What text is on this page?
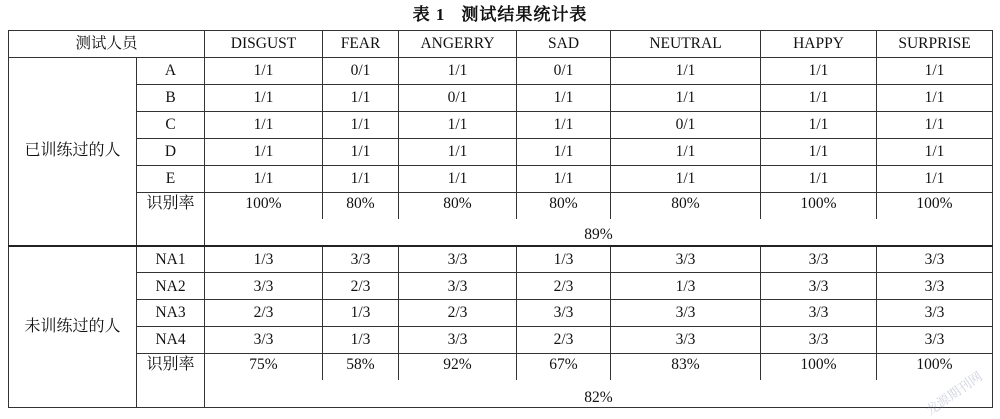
表 1 测试结果统计表
测试人员		DISGUST	FEAR	ANGERRY	SAD	NEUTRAL	HAPPY	SURPRISE
已训练过的人	A	1/1	0/1	1/1	0/1	1/1	1/1	1/1
	B	1/1	1/1	0/1	1/1	1/1	1/1	1/1
	C	1/1	1/1	1/1	1/1	0/1	1/1	1/1
	D	1/1	1/1	1/1	1/1	1/1	1/1	1/1
	E	1/1	1/1	1/1	1/1	1/1	1/1	1/1
	识别率	100%	80%	80%	80%	80%	100%	100%
		89%						
未训练过的人	NA1	1/3	3/3	3/3	1/3	3/3	3/3	3/3
	NA2	3/3	2/3	3/3	2/3	1/3	3/3	3/3
	NA3	2/3	1/3	2/3	3/3	3/3	3/3	3/3
	NA4	3/3	1/3	3/3	2/3	3/3	3/3	3/3
	识别率	75%	58%	92%	67%	83%	100%	100%
		82%							龙源期刊网
